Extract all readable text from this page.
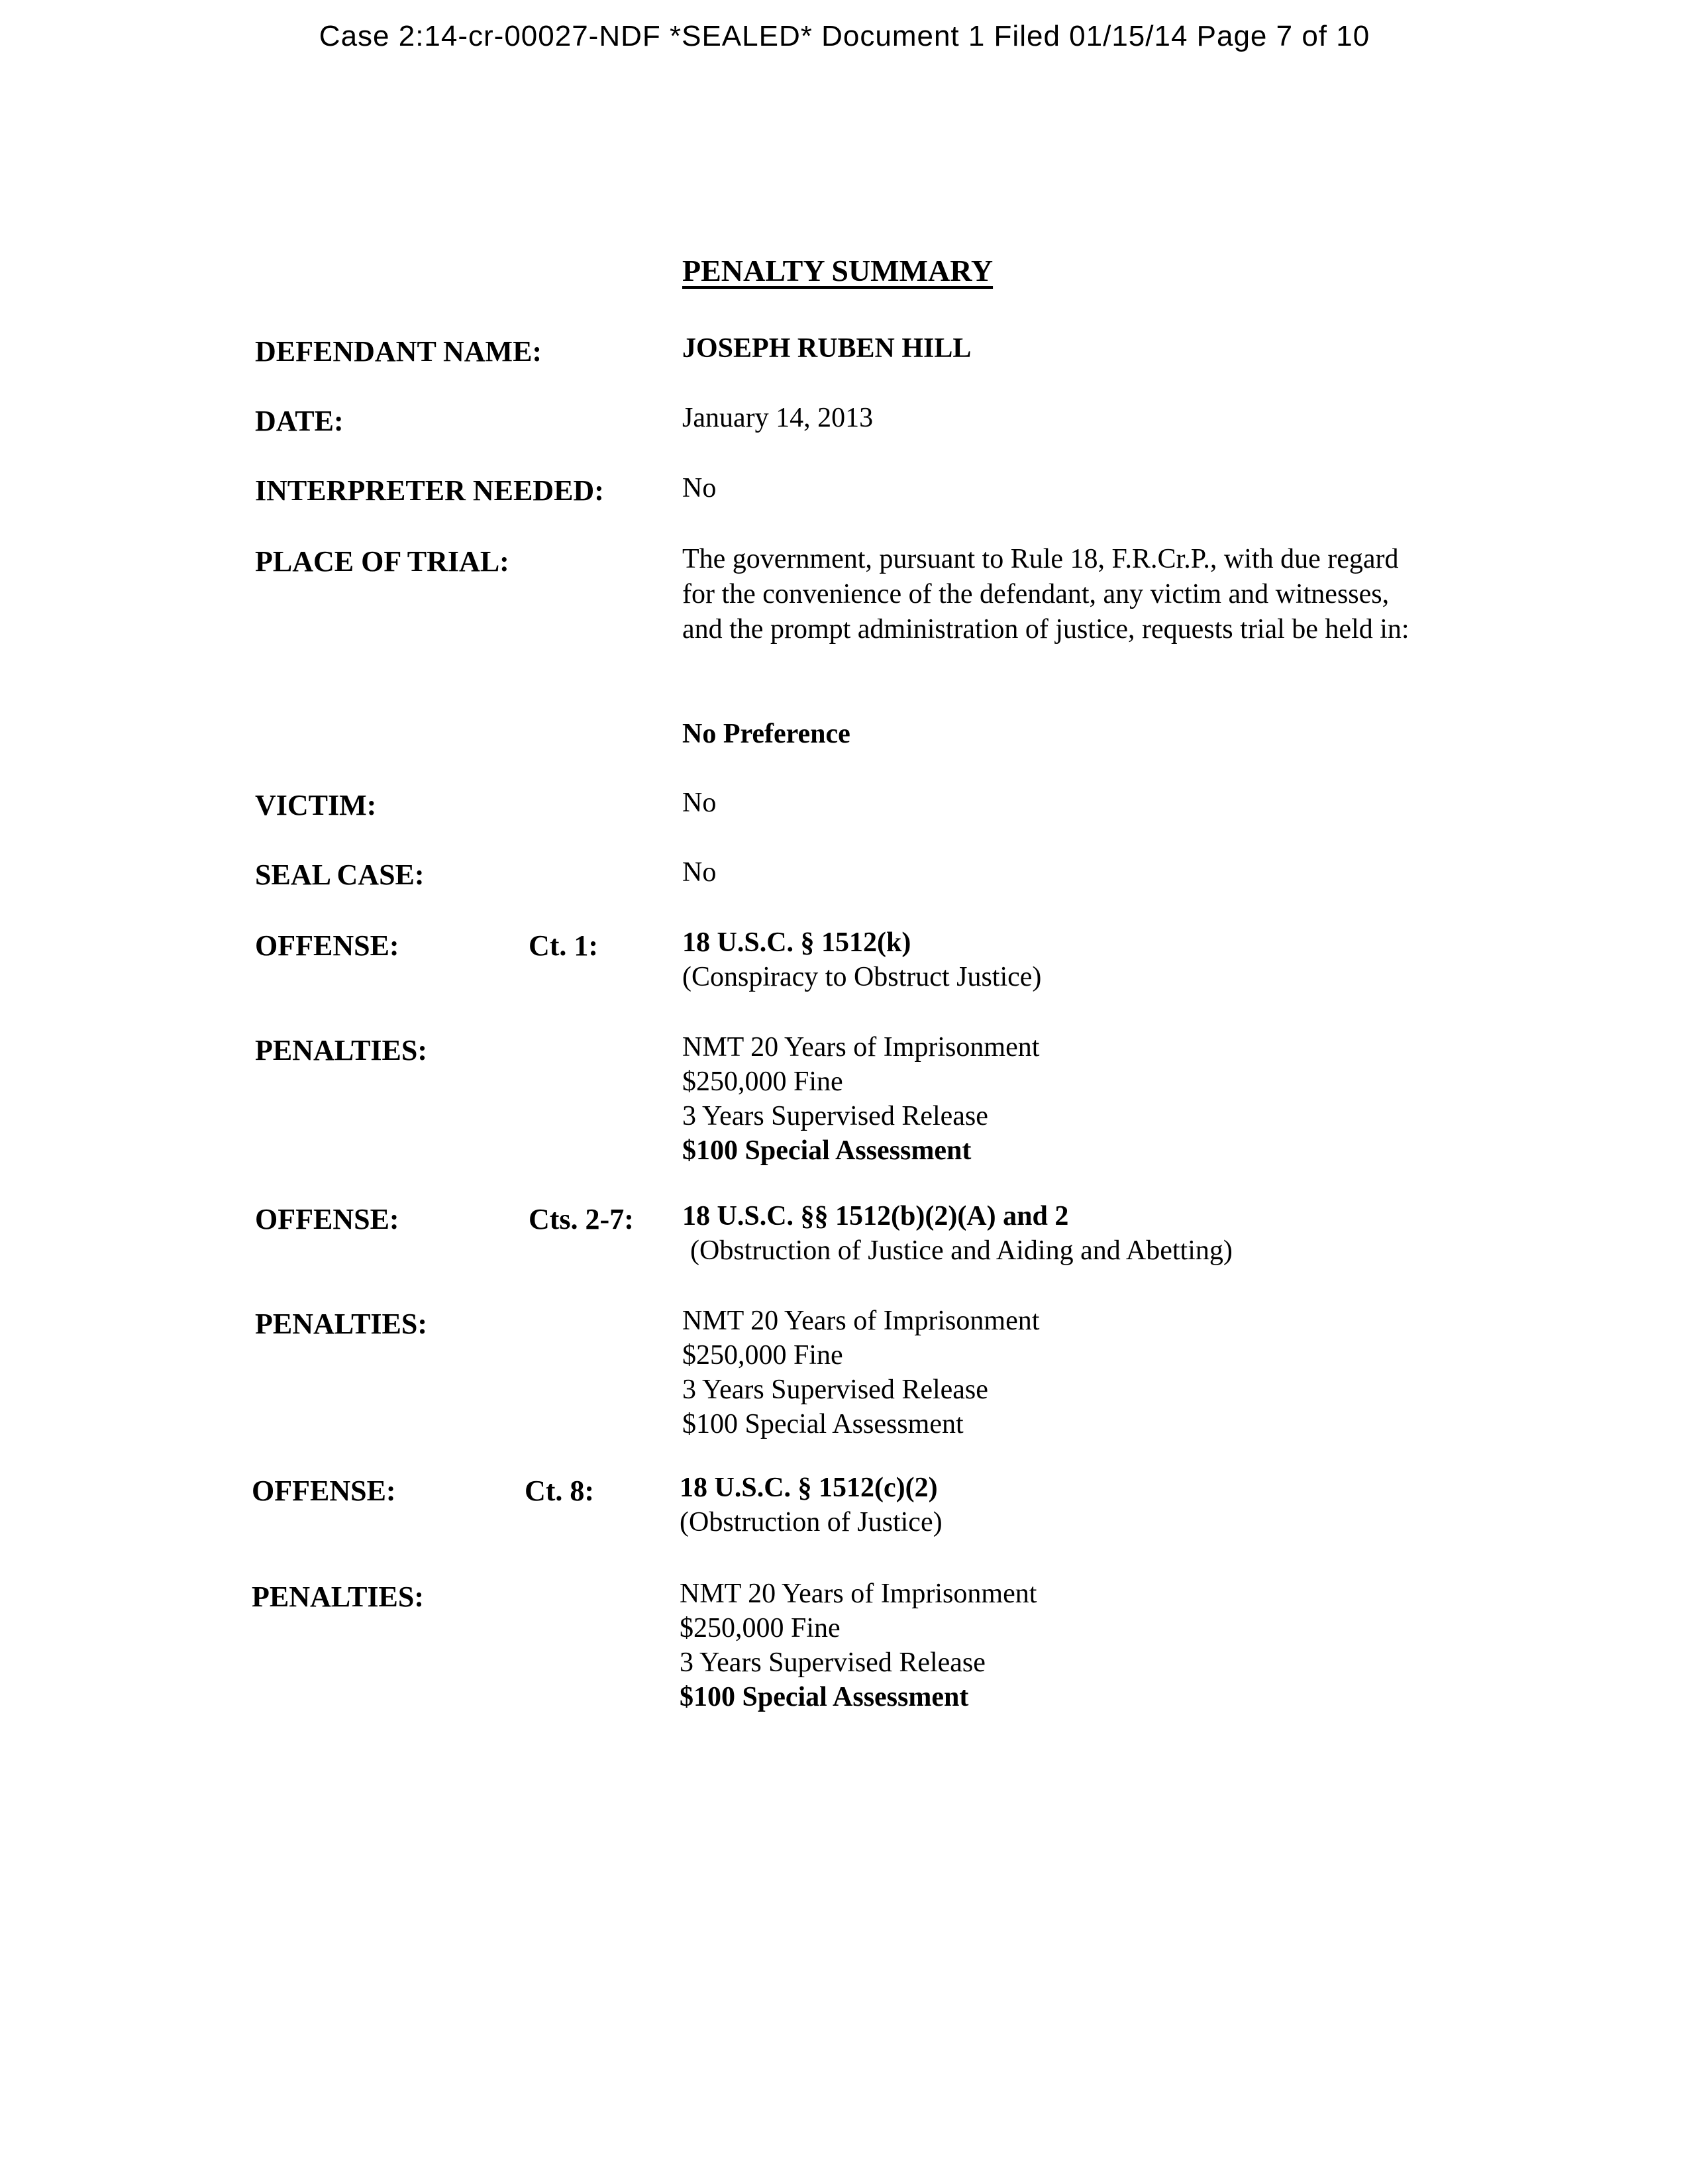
Case 2:14-cr-00027-NDF *SEALED* Document 1 Filed 01/15/14 Page 7 of 10
PENALTY SUMMARY
DEFENDANT NAME:	JOSEPH RUBEN HILL
DATE:	January 14, 2013
INTERPRETER NEEDED:	No
PLACE OF TRIAL:	The government, pursuant to Rule 18, F.R.Cr.P., with due regard for the convenience of the defendant, any victim and witnesses, and the prompt administration of justice, requests trial be held in:
No Preference
VICTIM:	No
SEAL CASE:	No
OFFENSE:	Ct. 1:	18 U.S.C. § 1512(k)
(Conspiracy to Obstruct Justice)
PENALTIES:	NMT 20 Years of Imprisonment
$250,000 Fine
3 Years Supervised Release
$100 Special Assessment
OFFENSE:	Cts. 2-7: 18 U.S.C. §§ 1512(b)(2)(A) and 2
(Obstruction of Justice and Aiding and Abetting)
PENALTIES:	NMT 20 Years of Imprisonment
$250,000 Fine
3 Years Supervised Release
$100 Special Assessment
OFFENSE:	Ct. 8:	18 U.S.C. § 1512(c)(2)
(Obstruction of Justice)
PENALTIES:	NMT 20 Years of Imprisonment
$250,000 Fine
3 Years Supervised Release
$100 Special Assessment
